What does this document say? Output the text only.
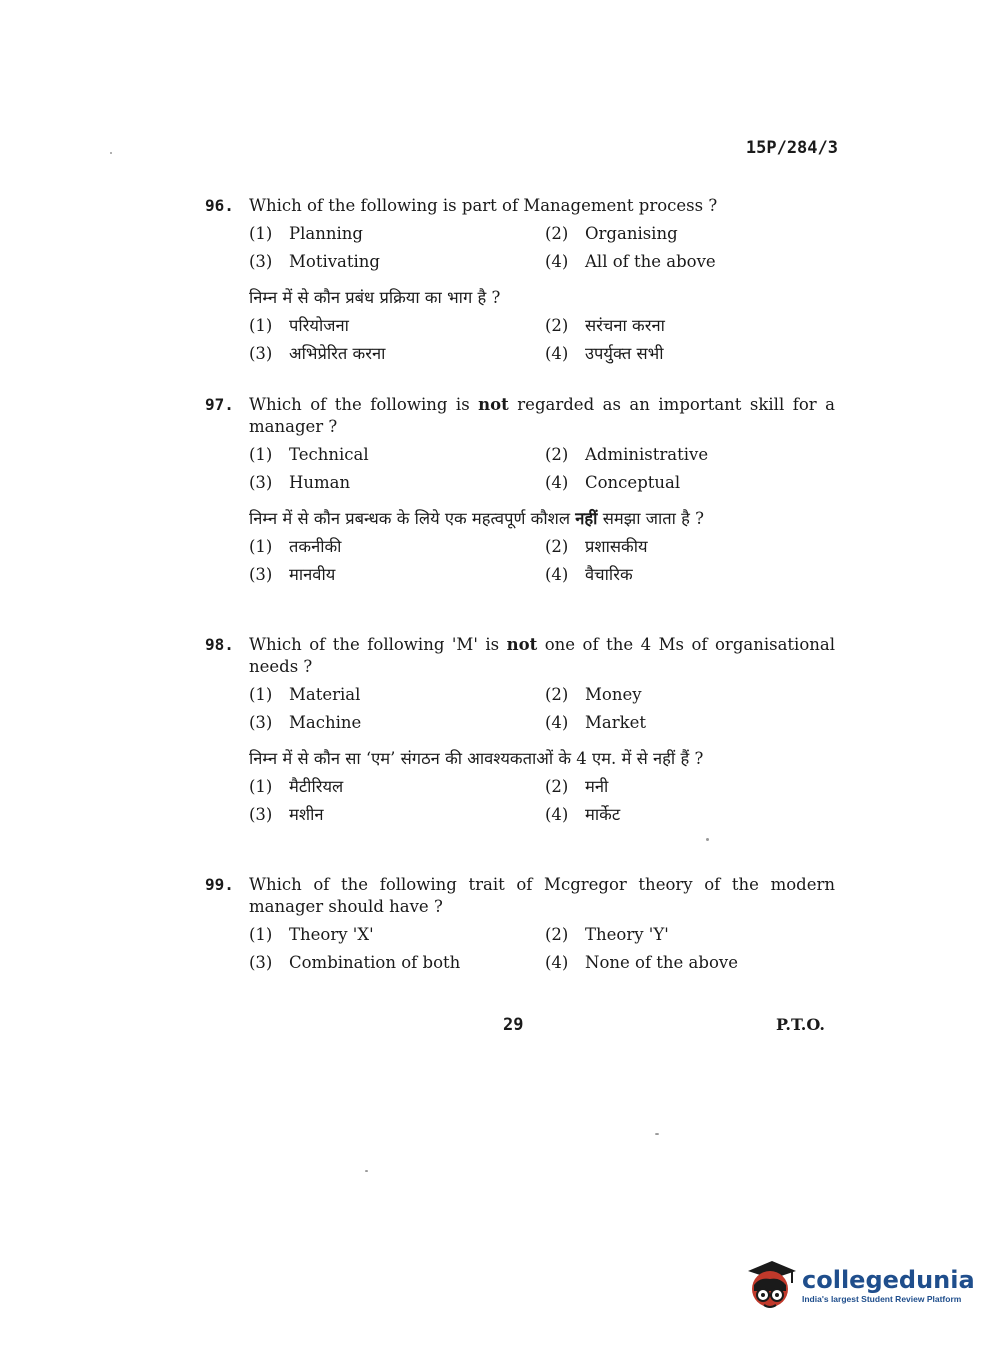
15P/284/3
96. Which of the following is part of Management process ?
(1)	Planning	(2)	Organising
(3)	Motivating	(4)	All of the above
निम्न में से कौन प्रबंध प्रक्रिया का भाग है ?
(1)	परियोजना	(2)	सरंचना करना
(3)	अभिप्रेरित करना	(4)	उपर्युक्त सभी
97. Which of the following is not regarded as an important skill for a manager ?
(1)	Technical	(2)	Administrative
(3)	Human	(4)	Conceptual
निम्न में से कौन प्रबन्धक के लिये एक महत्वपूर्ण कौशल नहीं समझा जाता है ?
(1)	तकनीकी	(2)	प्रशासकीय
(3)	मानवीय	(4)	वैचारिक
98. Which of the following 'M' is not one of the 4 Ms of organisational needs ?
(1)	Material	(2)	Money
(3)	Machine	(4)	Market
निम्न में से कौन सा ‘एम’ संगठन की आवश्यकताओं के 4 एम. में से नहीं हैं ?
(1)	मैटीरियल	(2)	मनी
(3)	मशीन	(4)	मार्केट
99. Which of the following trait of Mcgregor theory of the modern manager should have ?
(1)	Theory 'X'	(2)	Theory 'Y'
(3)	Combination of both	(4)	None of the above
29	P.T.O.
collegedunia
India's largest Student Review Platform
